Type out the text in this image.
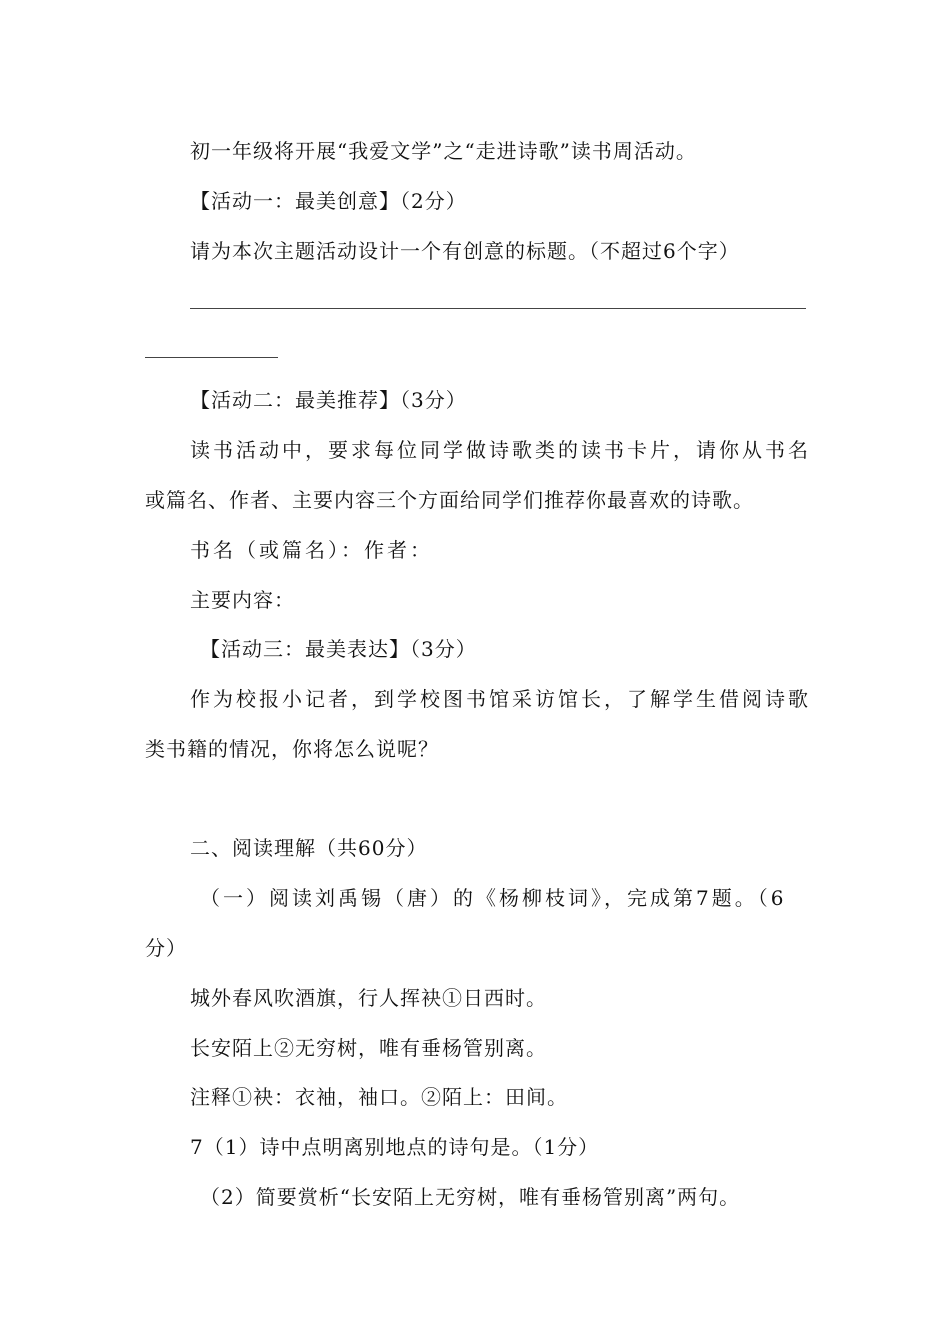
初一年级将开展“我爱文学”之“走进诗歌”读书周活动。
【活动一：最美创意】（2分）
请为本次主题活动设计一个有创意的标题。（不超过6个字）
【活动二：最美推荐】（3分）
读书活动中，要求每位同学做诗歌类的读书卡片，请你从书名
或篇名、作者、主要内容三个方面给同学们推荐你最喜欢的诗歌。
书名（或篇名）：作者：
主要内容：
【活动三：最美表达】（3分）
作为校报小记者，到学校图书馆采访馆长，了解学生借阅诗歌
类书籍的情况，你将怎么说呢？
二、阅读理解（共60分）
（一）阅读刘禹锡（唐）的《杨柳枝词》，完成第7题。（6
分）
城外春风吹酒旗，行人挥袂①日西时。
长安陌上②无穷树，唯有垂杨管别离。
注释①袂：衣袖，袖口。②陌上：田间。
7（1）诗中点明离别地点的诗句是。（1分）
（2）简要赏析“长安陌上无穷树，唯有垂杨管别离”两句。
